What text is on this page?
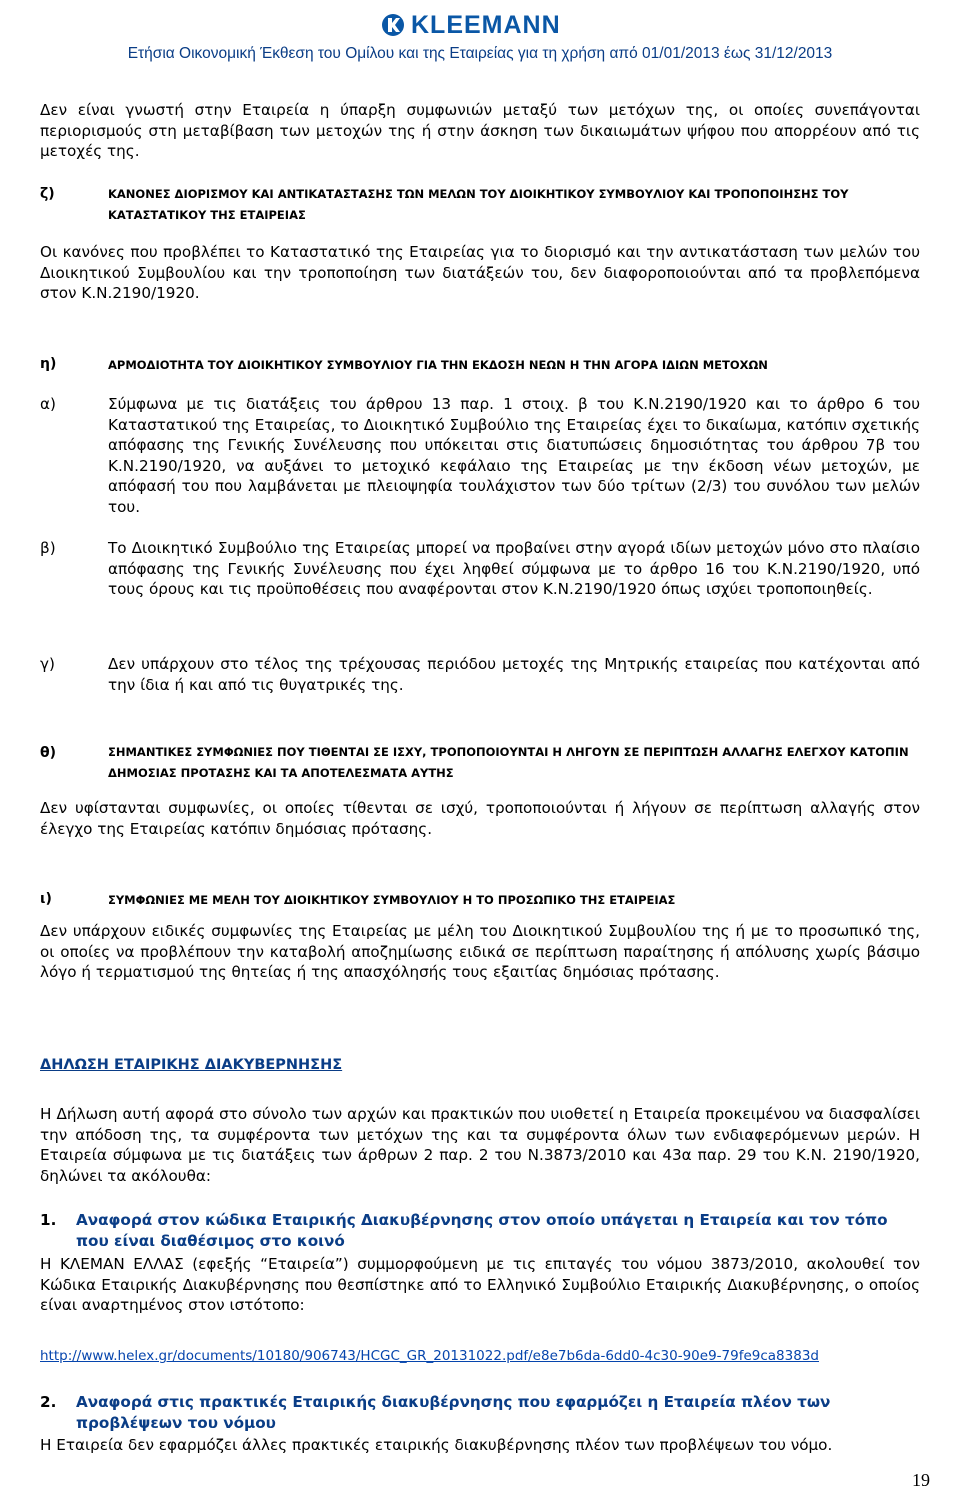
KLEEMANN
Ετήσια Οικονομική Έκθεση του Ομίλου και της Εταιρείας για τη χρήση από 01/01/2013 έως 31/12/2013
Δεν είναι γνωστή στην Εταιρεία η ύπαρξη συμφωνιών μεταξύ των μετόχων της, οι οποίες συνεπάγονται περιορισμούς στη μεταβίβαση των μετοχών της ή στην άσκηση των δικαιωμάτων ψήφου που απορρέουν από τις μετοχές της.
ζ)	ΚΑΝΟΝΕΣ ΔΙΟΡΙΣΜΟΥ ΚΑΙ ΑΝΤΙΚΑΤΑΣΤΑΣΗΣ ΤΩΝ ΜΕΛΩΝ ΤΟΥ ΔΙΟΙΚΗΤΙΚΟΥ ΣΥΜΒΟΥΛΙΟΥ ΚΑΙ ΤΡΟΠΟΠΟΙΗΣΗΣ ΤΟΥ ΚΑΤΑΣΤΑΤΙΚΟΥ ΤΗΣ ΕΤΑΙΡΕΙΑΣ
Οι κανόνες που προβλέπει το Καταστατικό της Εταιρείας για το διορισμό και την αντικατάσταση των μελών του Διοικητικού Συμβουλίου και την τροποποίηση των διατάξεών του, δεν διαφοροποιούνται από τα προβλεπόμενα στον Κ.Ν.2190/1920.
η)	ΑΡΜΟΔΙΟΤΗΤΑ ΤΟΥ ΔΙΟΙΚΗΤΙΚΟΥ ΣΥΜΒΟΥΛΙΟΥ ΓΙΑ ΤΗΝ ΕΚΔΟΣΗ ΝΕΩΝ Η ΤΗΝ ΑΓΟΡΑ ΙΔΙΩΝ ΜΕΤΟΧΩΝ
α)	Σύμφωνα με τις διατάξεις του άρθρου 13 παρ. 1 στοιχ. β του Κ.Ν.2190/1920 και το άρθρο 6 του Καταστατικού της Εταιρείας, το Διοικητικό Συμβούλιο της Εταιρείας έχει το δικαίωμα, κατόπιν σχετικής απόφασης της Γενικής Συνέλευσης που υπόκειται στις διατυπώσεις δημοσιότητας του άρθρου 7β του Κ.Ν.2190/1920, να αυξάνει το μετοχικό κεφάλαιο της Εταιρείας με την έκδοση νέων μετοχών, με απόφασή του που λαμβάνεται με πλειοψηφία τουλάχιστον των δύο τρίτων (2/3) του συνόλου των μελών του.
β)	Το Διοικητικό Συμβούλιο της Εταιρείας μπορεί να προβαίνει στην αγορά ιδίων μετοχών μόνο στο πλαίσιο απόφασης της Γενικής Συνέλευσης που έχει ληφθεί σύμφωνα με το άρθρο 16 του Κ.Ν.2190/1920, υπό τους όρους και τις προϋποθέσεις που αναφέρονται στον Κ.Ν.2190/1920 όπως ισχύει τροποποιηθείς.
γ)	Δεν υπάρχουν στο τέλος της τρέχουσας περιόδου μετοχές της Μητρικής εταιρείας που κατέχονται από την ίδια ή και από τις θυγατρικές της.
θ)	ΣΗΜΑΝΤΙΚΕΣ ΣΥΜΦΩΝΙΕΣ ΠΟΥ ΤΙΘΕΝΤΑΙ ΣΕ ΙΣΧΥ, ΤΡΟΠΟΠΟΙΟΥΝΤΑΙ Η ΛΗΓΟΥΝ ΣΕ ΠΕΡΙΠΤΩΣΗ ΑΛΛΑΓΗΣ ΕΛΕΓΧΟΥ ΚΑΤΟΠΙΝ ΔΗΜΟΣΙΑΣ ΠΡΟΤΑΣΗΣ ΚΑΙ ΤΑ ΑΠΟΤΕΛΕΣΜΑΤΑ ΑΥΤΗΣ
Δεν υφίστανται συμφωνίες, οι οποίες τίθενται σε ισχύ, τροποποιούνται ή λήγουν σε περίπτωση αλλαγής στον έλεγχο της Εταιρείας κατόπιν δημόσιας πρότασης.
ι)	ΣΥΜΦΩΝΙΕΣ ΜΕ ΜΕΛΗ ΤΟΥ ΔΙΟΙΚΗΤΙΚΟΥ ΣΥΜΒΟΥΛΙΟΥ Η ΤΟ ΠΡΟΣΩΠΙΚΟ ΤΗΣ ΕΤΑΙΡΕΙΑΣ
Δεν υπάρχουν ειδικές συμφωνίες της Εταιρείας με μέλη του Διοικητικού Συμβουλίου της ή με το προσωπικό της, οι οποίες να προβλέπουν την καταβολή αποζημίωσης ειδικά σε περίπτωση παραίτησης ή απόλυσης χωρίς βάσιμο λόγο ή τερματισμού της θητείας ή της απασχόλησής τους εξαιτίας δημόσιας πρότασης.
ΔΗΛΩΣΗ ΕΤΑΙΡΙΚΗΣ ΔΙΑΚΥΒΕΡΝΗΣΗΣ
Η Δήλωση αυτή αφορά στο σύνολο των αρχών και πρακτικών που υιοθετεί η Εταιρεία προκειμένου να διασφαλίσει την απόδοση της, τα συμφέροντα των μετόχων της και τα συμφέροντα όλων των ενδιαφερόμενων μερών. Η Εταιρεία σύμφωνα με τις διατάξεις των άρθρων 2 παρ. 2 του Ν.3873/2010 και 43α παρ. 29 του Κ.Ν. 2190/1920, δηλώνει τα ακόλουθα:
1. Αναφορά στον κώδικα Εταιρικής Διακυβέρνησης στον οποίο υπάγεται η Εταιρεία και τον τόπο που είναι διαθέσιμος στο κοινό
Η ΚΛΕΜΑΝ ΕΛΛΑΣ (εφεξής “Εταιρεία”) συμμορφούμενη με τις επιταγές του νόμου 3873/2010, ακολουθεί τον Κώδικα Εταιρικής Διακυβέρνησης που θεσπίστηκε από το Ελληνικό Συμβούλιο Εταιρικής Διακυβέρνησης, ο οποίος είναι αναρτημένος στον ιστότοπο:
http://www.helex.gr/documents/10180/906743/HCGC_GR_20131022.pdf/e8e7b6da-6dd0-4c30-90e9-79fe9ca8383d
2. Αναφορά στις πρακτικές Εταιρικής διακυβέρνησης που εφαρμόζει η Εταιρεία πλέον των προβλέψεων του νόμου
Η Εταιρεία δεν εφαρμόζει άλλες πρακτικές εταιρικής διακυβέρνησης πλέον των προβλέψεων του νόμο.
19
